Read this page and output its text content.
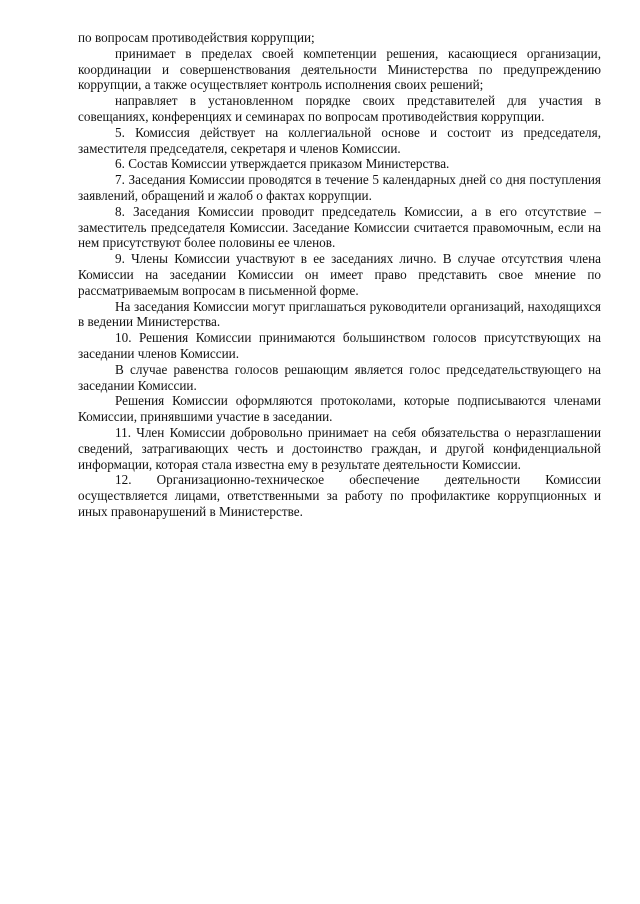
по вопросам противодействия коррупции;

принимает в пределах своей компетенции решения, касающиеся организации, координации и совершенствования деятельности Министерства по предупреждению коррупции, а также осуществляет контроль исполнения своих решений;

направляет в установленном порядке своих представителей для участия в совещаниях, конференциях и семинарах по вопросам противодействия коррупции.

5. Комиссия действует на коллегиальной основе и состоит из председателя, заместителя председателя, секретаря и членов Комиссии.

6. Состав Комиссии утверждается приказом Министерства.

7. Заседания Комиссии проводятся в течение 5 календарных дней со дня поступления заявлений, обращений и жалоб о фактах коррупции.

8. Заседания Комиссии проводит председатель Комиссии, а в его отсутствие – заместитель председателя Комиссии. Заседание Комиссии считается правомочным, если на нем присутствуют более половины ее членов.

9. Члены Комиссии участвуют в ее заседаниях лично. В случае отсутствия члена Комиссии на заседании Комиссии он имеет право представить свое мнение по рассматриваемым вопросам в письменной форме.

На заседания Комиссии могут приглашаться руководители организаций, находящихся в ведении Министерства.

10. Решения Комиссии принимаются большинством голосов присутствующих на заседании членов Комиссии.

В случае равенства голосов решающим является голос председательствующего на заседании Комиссии.

Решения Комиссии оформляются протоколами, которые подписываются членами Комиссии, принявшими участие в заседании.

11. Член Комиссии добровольно принимает на себя обязательства о неразглашении сведений, затрагивающих честь и достоинство граждан, и другой конфиденциальной информации, которая стала известна ему в результате деятельности Комиссии.

12. Организационно-техническое обеспечение деятельности Комиссии осуществляется лицами, ответственными за работу по профилактике коррупционных и иных правонарушений в Министерстве.
